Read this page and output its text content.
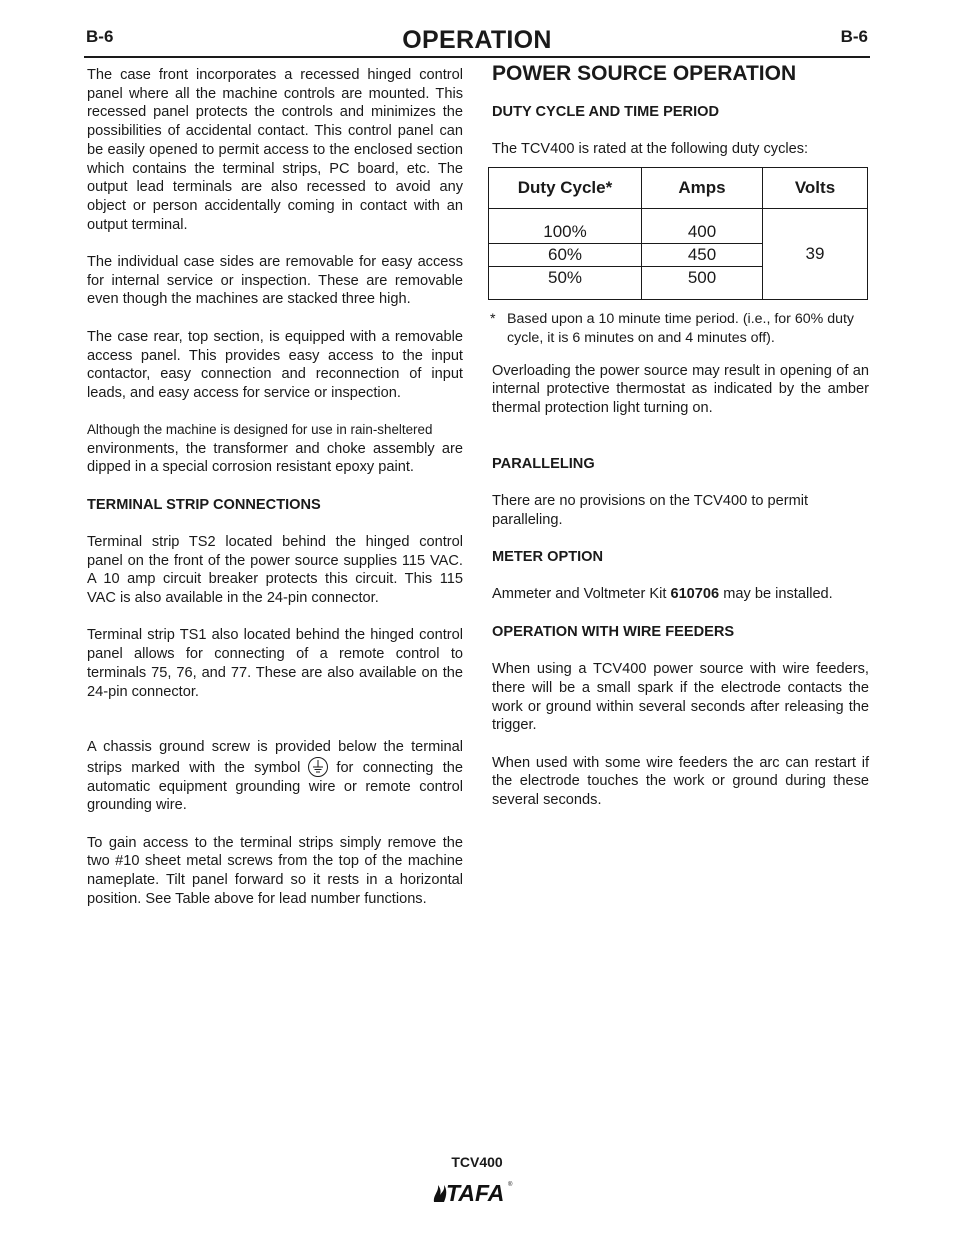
B-6	OPERATION	B-6

The case front incorporates a recessed hinged control panel where all the machine controls are mounted. This recessed panel protects the controls and minimizes the possibilities of accidental contact. This control panel can be easily opened to permit access to the enclosed section which contains the terminal strips, PC board, etc. The output lead terminals are also recessed to avoid any object or person accidentally coming in contact with an output terminal.

The individual case sides are removable for easy access for internal service or inspection. These are removable even though the machines are stacked three high.

The case rear, top section, is equipped with a removable access panel. This provides easy access to the input contactor, easy connection and reconnection of input leads, and easy access for service or inspection.

Although the machine is designed for use in rain-sheltered
environments, the transformer and choke assembly are dipped in a special corrosion resistant epoxy paint.

TERMINAL STRIP CONNECTIONS

Terminal strip TS2 located behind the hinged control panel on the front of the power source supplies 115 VAC. A 10 amp circuit breaker protects this circuit. This 115 VAC is also available in the 24-pin connector.

Terminal strip TS1 also located behind the hinged control panel allows for connecting of a remote control to terminals 75, 76, and 77. These are also available on the 24-pin connector.

A chassis ground screw is provided below the terminal strips marked with the symbol for connecting the automatic equipment grounding wire or remote control grounding wire.

To gain access to the terminal strips simply remove the two #10 sheet metal screws from the top of the machine nameplate. Tilt panel forward so it rests in a horizontal position. See Table above for lead number functions.

POWER SOURCE OPERATION
DUTY CYCLE AND TIME PERIOD

The TCV400 is rated at the following duty cycles:

Duty Cycle*	Amps	Volts
100%	400	39
60%	450	
50%	500	
* Based upon a 10 minute time period. (i.e., for 60% duty cycle, it is 6 minutes on and 4 minutes off).

Overloading the power source may result in opening of an internal protective thermostat as indicated by the amber thermal protection light turning on.

PARALLELING

There are no provisions on the TCV400 to permit paralleling.

METER OPTION

Ammeter and Voltmeter Kit 610706 may be installed.

OPERATION WITH WIRE FEEDERS

When using a TCV400 power source with wire feeders, there will be a small spark if the electrode contacts the work or ground within several seconds after releasing the trigger.

When used with some wire feeders the arc can restart if the electrode touches the work or ground during these several seconds.

TCV400
TAFA ®
